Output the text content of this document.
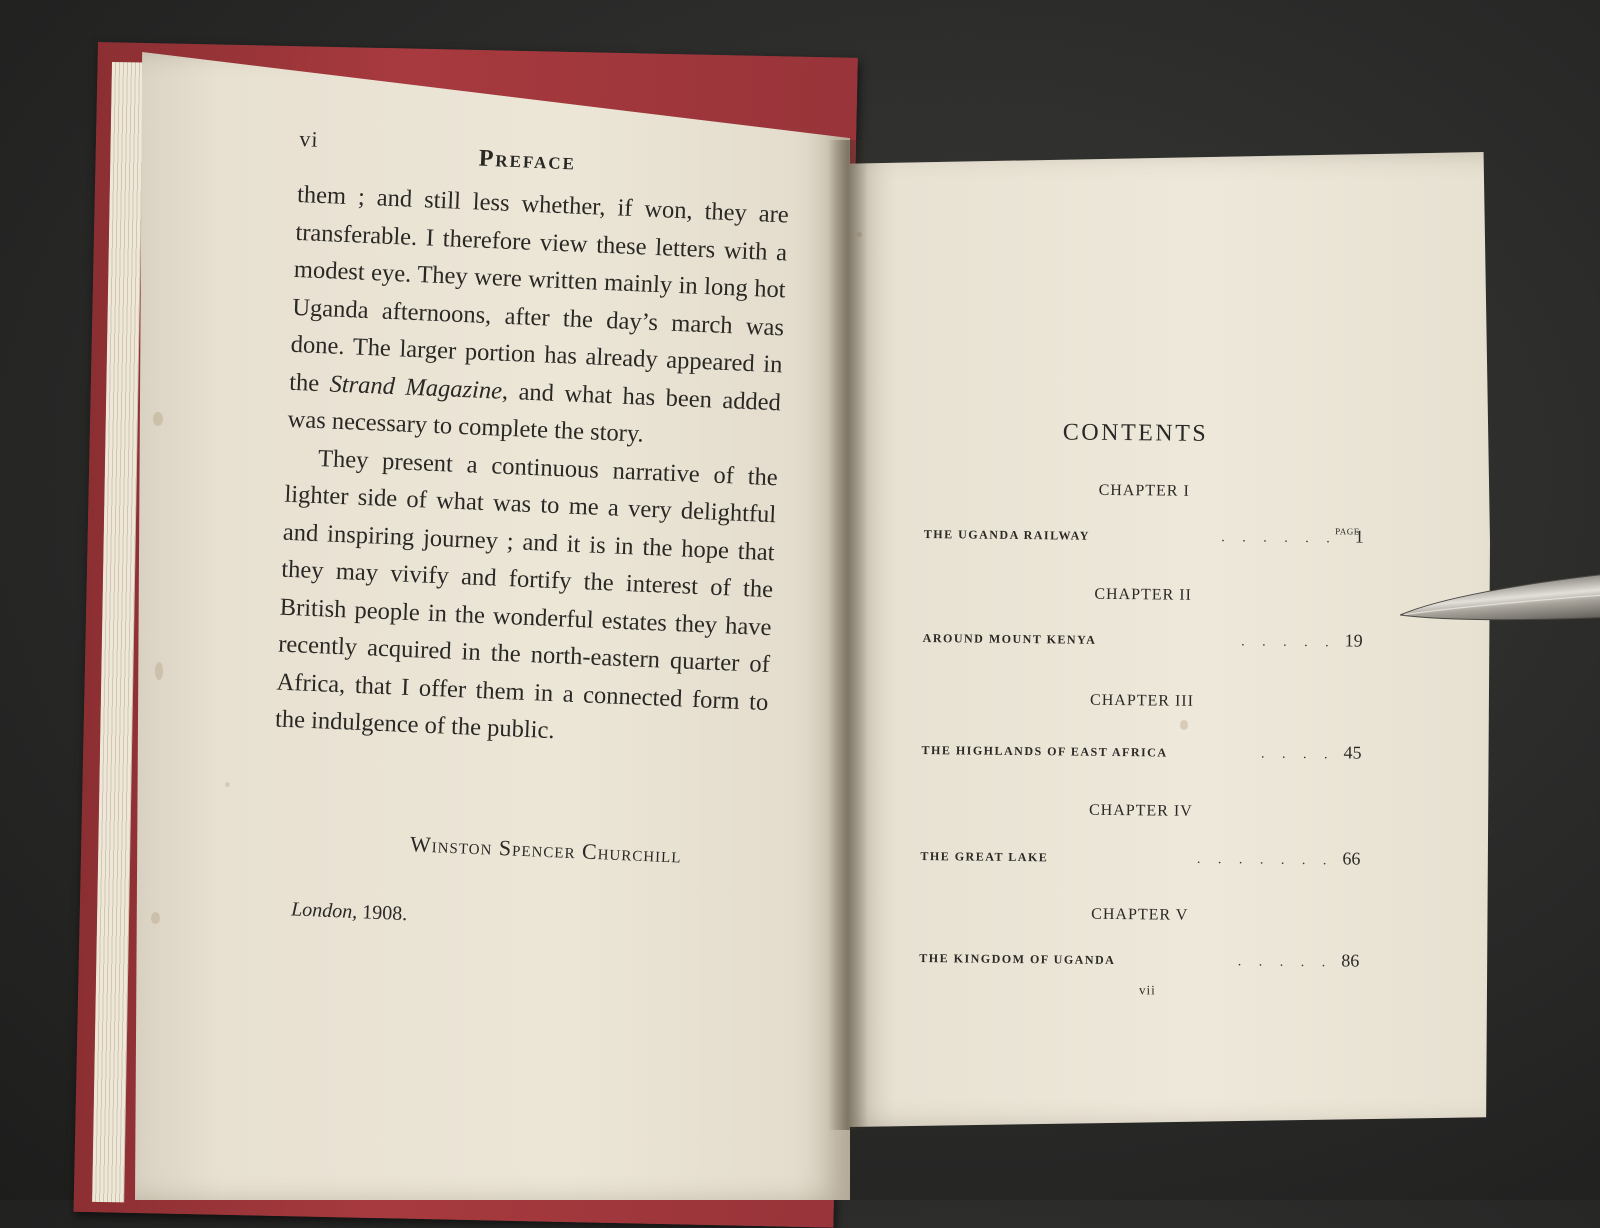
vi
Preface

them ; and still less whether, if won, they are transferable. I therefore view these letters with a modest eye. They were written mainly in long hot Uganda afternoons, after the day’s march was done. The larger portion has already appeared in the Strand Magazine, and what has been added was necessary to complete the story.

They present a continuous narrative of the lighter side of what was to me a very delightful and inspiring journey ; and it is in the hope that they may vivify and fortify the interest of the British people in the wonderful estates they have recently acquired in the north-eastern quarter of Africa, that I offer them in a connected form to the indulgence of the public.

Winston Spencer Churchill
London, 1908.
CONTENTS
PAGE
CHAPTER I
THE UGANDA RAILWAY	.     .     .     .     .     .	1
CHAPTER II
AROUND MOUNT KENYA	.     .     .     .     . 19
CHAPTER III
THE HIGHLANDS OF EAST AFRICA	.     .     .     . 45
CHAPTER IV
THE GREAT LAKE	.     .     .     .     .     .     . 66
CHAPTER V
THE KINGDOM OF UGANDA	.     .     .     .     . 86
vii
